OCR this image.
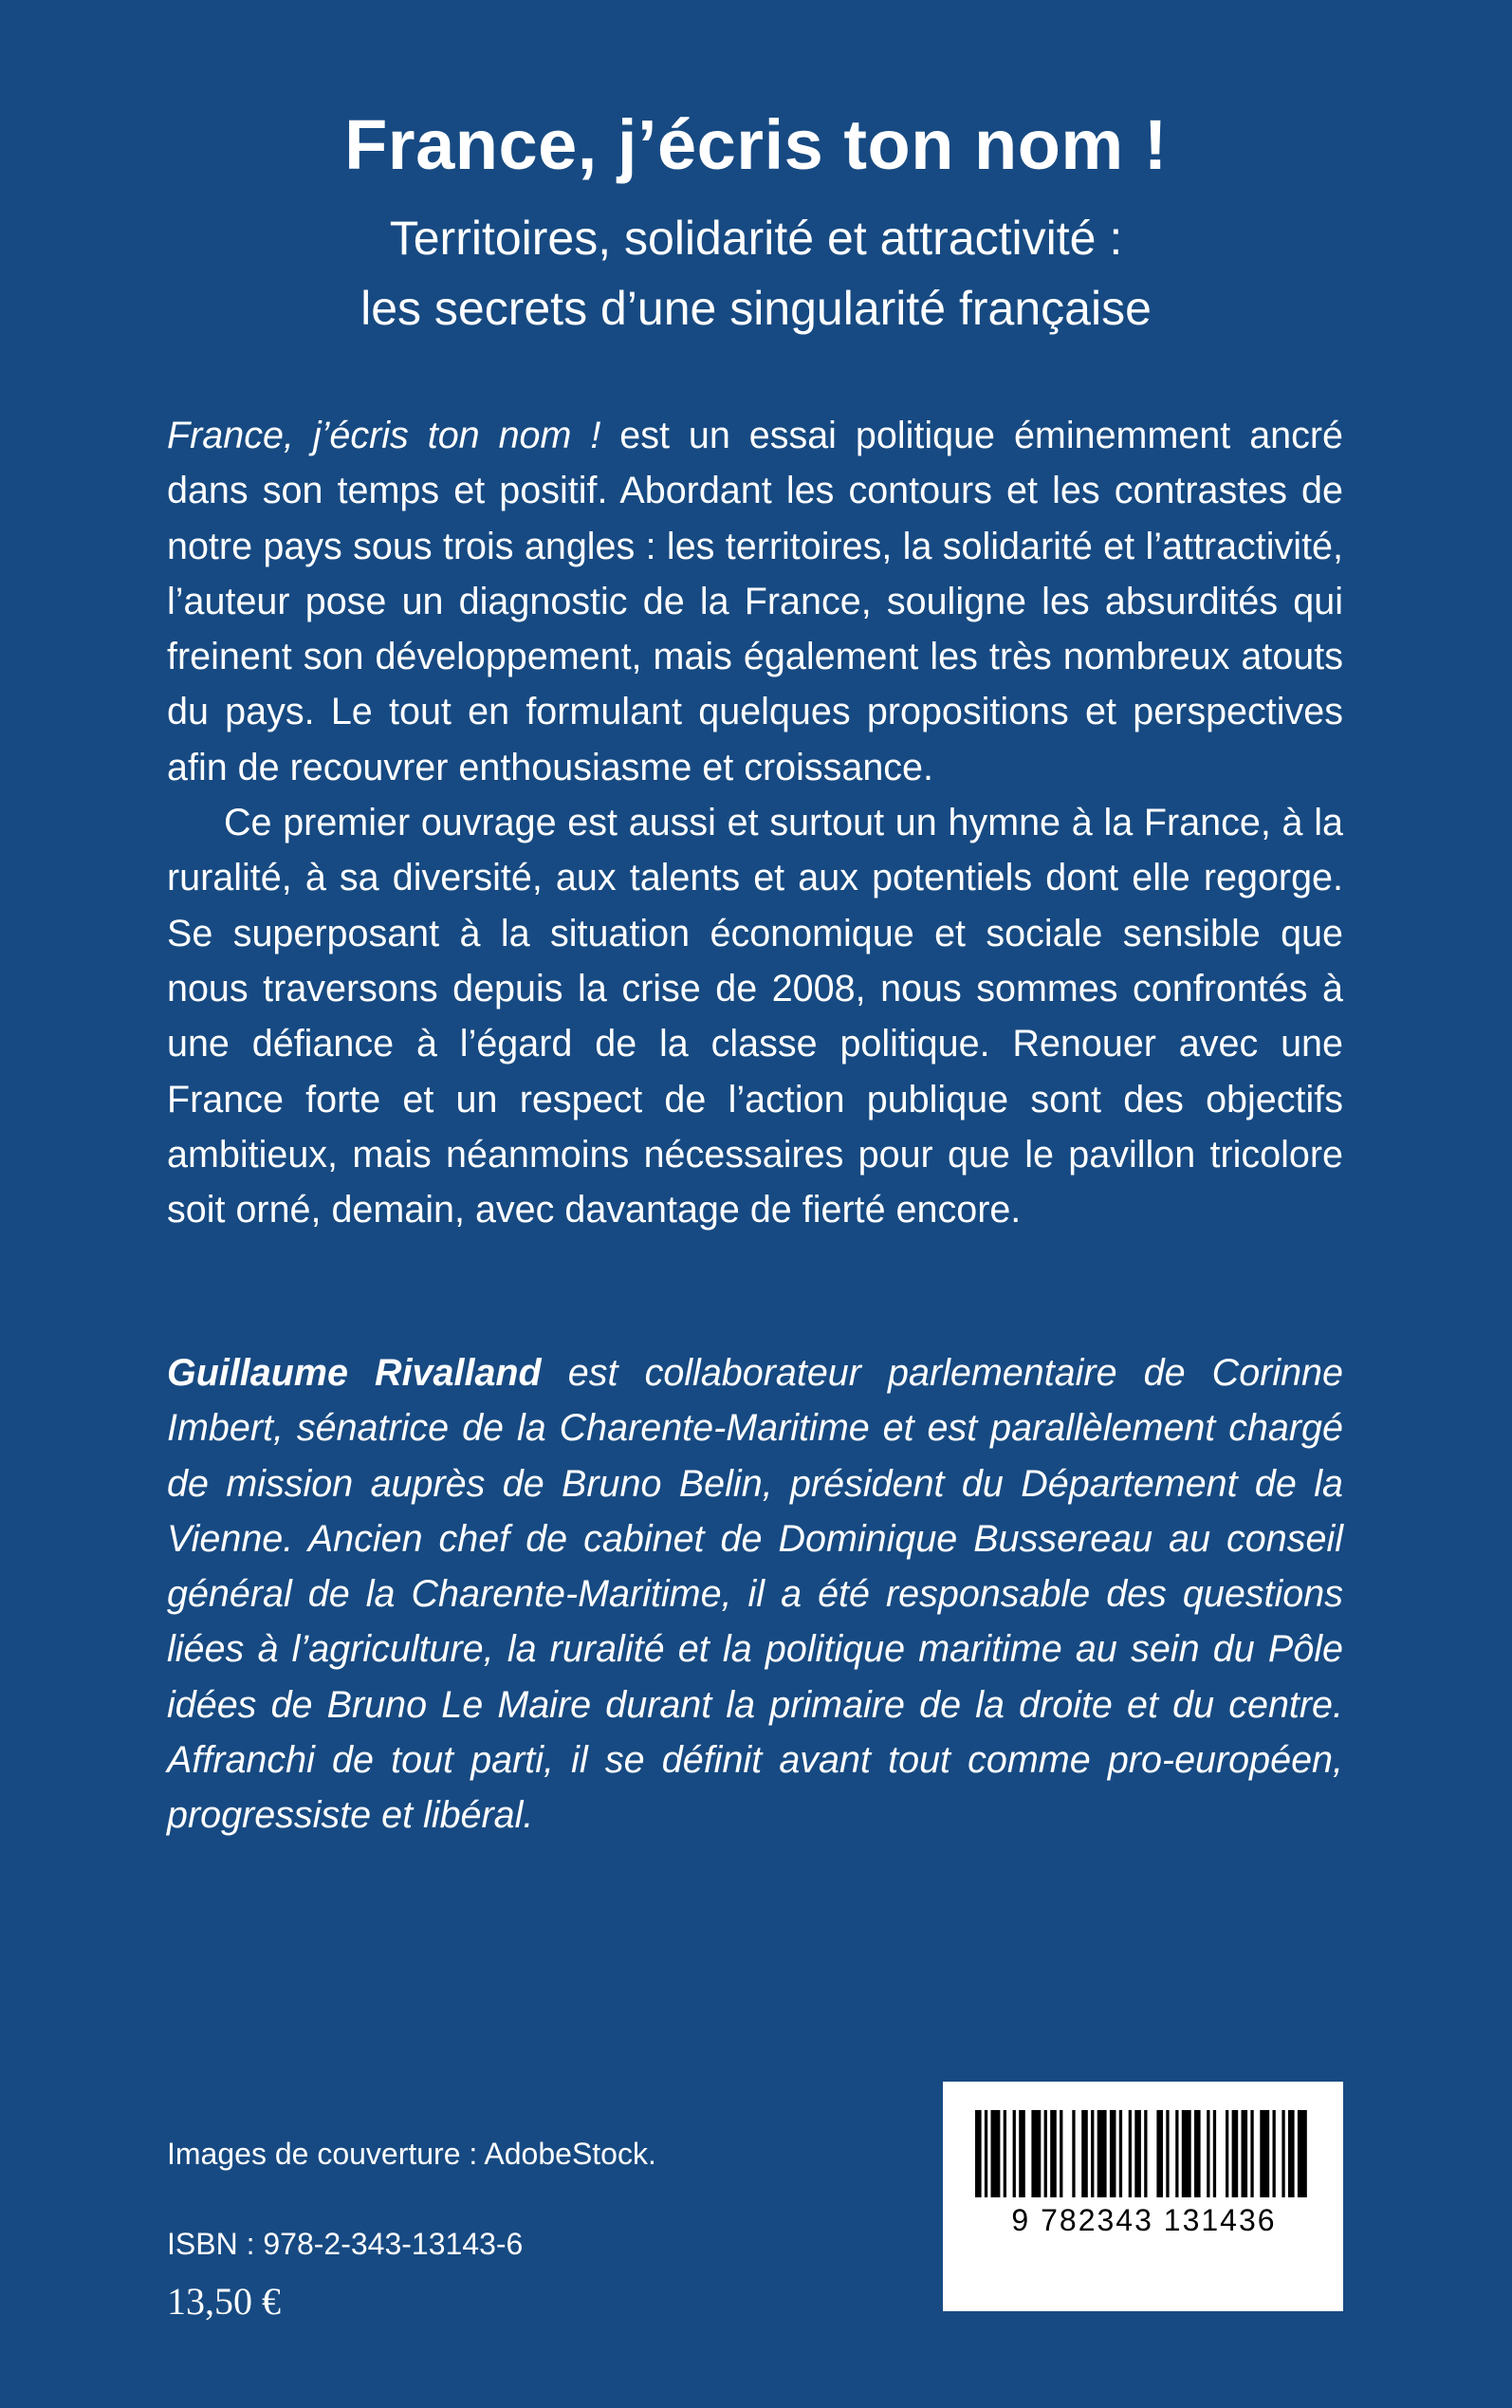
France, j’écris ton nom !
Territoires, solidarité et attractivité :
les secrets d’une singularité française

France, j’écris ton nom ! est un essai politique éminemment ancré dans son temps et positif. Abordant les contours et les contrastes de notre pays sous trois angles : les territoires, la solidarité et l’attractivité, l’auteur pose un diagnostic de la France, souligne les absurdités qui freinent son développement, mais également les très nombreux atouts du pays. Le tout en formulant quelques propositions et perspectives afin de recouvrer enthousiasme et croissance.

Ce premier ouvrage est aussi et surtout un hymne à la France, à la ruralité, à sa diversité, aux talents et aux potentiels dont elle regorge. Se superposant à la situation économique et sociale sensible que nous traversons depuis la crise de 2008, nous sommes confrontés à une défiance à l’égard de la classe politique. Renouer avec une France forte et un respect de l’action publique sont des objectifs ambitieux, mais néanmoins nécessaires pour que le pavillon tricolore soit orné, demain, avec davantage de fierté encore.

Guillaume Rivalland est collaborateur parlementaire de Corinne Imbert, sénatrice de la Charente-Maritime et est parallèlement chargé de mission auprès de Bruno Belin, président du Département de la Vienne. Ancien chef de cabinet de Dominique Bussereau au conseil général de la Charente-Maritime, il a été responsable des questions liées à l’agriculture, la ruralité et la politique maritime au sein du Pôle idées de Bruno Le Maire durant la primaire de la droite et du centre. Affranchi de tout parti, il se définit avant tout comme pro-européen, progressiste et libéral.
Images de couverture : AdobeStock.
ISBN : 978-2-343-13143-6
13,50 €
9 782343 131436
